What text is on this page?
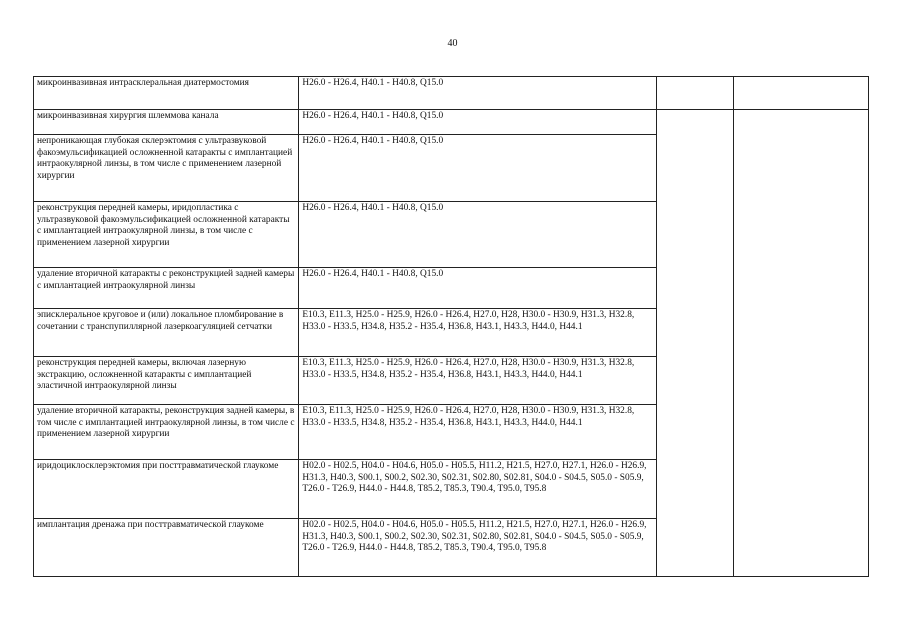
40
микроинвазивная интрасклеральная диатермостомия	H26.0 - H26.4, H40.1 - H40.8, Q15.0		
микроинвазивная хирургия шлеммова канала	H26.0 - H26.4, H40.1 - H40.8, Q15.0		
непроникающая глубокая склерэктомия с ультразвуковой факоэмульсификацией осложненной катаракты с имплантацией интраокулярной линзы, в том числе с применением лазерной хирургии	H26.0 - H26.4, H40.1 - H40.8, Q15.0		
реконструкция передней камеры, иридопластика с ультразвуковой факоэмульсификацией осложненной катаракты с имплантацией интраокулярной линзы, в том числе с применением лазерной хирургии	H26.0 - H26.4, H40.1 - H40.8, Q15.0		
удаление вторичной катаракты с реконструкцией задней камеры с имплантацией интраокулярной линзы	H26.0 - H26.4, H40.1 - H40.8, Q15.0		
эписклеральное круговое и (или) локальное пломбирование в сочетании с транспупиллярной лазеркоагуляцией сетчатки	E10.3, E11.3, H25.0 - H25.9, H26.0 - H26.4, H27.0, H28, H30.0 - H30.9, H31.3, H32.8, H33.0 - H33.5, H34.8, H35.2 - H35.4, H36.8, H43.1, H43.3, H44.0, H44.1		
реконструкция передней камеры, включая лазерную экстракцию, осложненной катаракты с имплантацией эластичной интраокулярной линзы	E10.3, E11.3, H25.0 - H25.9, H26.0 - H26.4, H27.0, H28, H30.0 - H30.9, H31.3, H32.8, H33.0 - H33.5, H34.8, H35.2 - H35.4, H36.8, H43.1, H43.3, H44.0, H44.1		
удаление вторичной катаракты, реконструкция задней камеры, в том числе с имплантацией интраокулярной линзы, в том числе с применением лазерной хирургии	E10.3, E11.3, H25.0 - H25.9, H26.0 - H26.4, H27.0, H28, H30.0 - H30.9, H31.3, H32.8, H33.0 - H33.5, H34.8, H35.2 - H35.4, H36.8, H43.1, H43.3, H44.0, H44.1		
иридоциклосклерэктомия при посттравматической глаукоме	H02.0 - H02.5, H04.0 - H04.6, H05.0 - H05.5, H11.2, H21.5, H27.0, H27.1, H26.0 - H26.9, H31.3, H40.3, S00.1, S00.2, S02.30, S02.31, S02.80, S02.81, S04.0 - S04.5, S05.0 - S05.9, T26.0 - T26.9, H44.0 - H44.8, T85.2, T85.3, T90.4, T95.0, T95.8		
имплантация дренажа при посттравматической глаукоме	H02.0 - H02.5, H04.0 - H04.6, H05.0 - H05.5, H11.2, H21.5, H27.0, H27.1, H26.0 - H26.9, H31.3, H40.3, S00.1, S00.2, S02.30, S02.31, S02.80, S02.81, S04.0 - S04.5, S05.0 - S05.9, T26.0 - T26.9, H44.0 - H44.8, T85.2, T85.3, T90.4, T95.0, T95.8		
